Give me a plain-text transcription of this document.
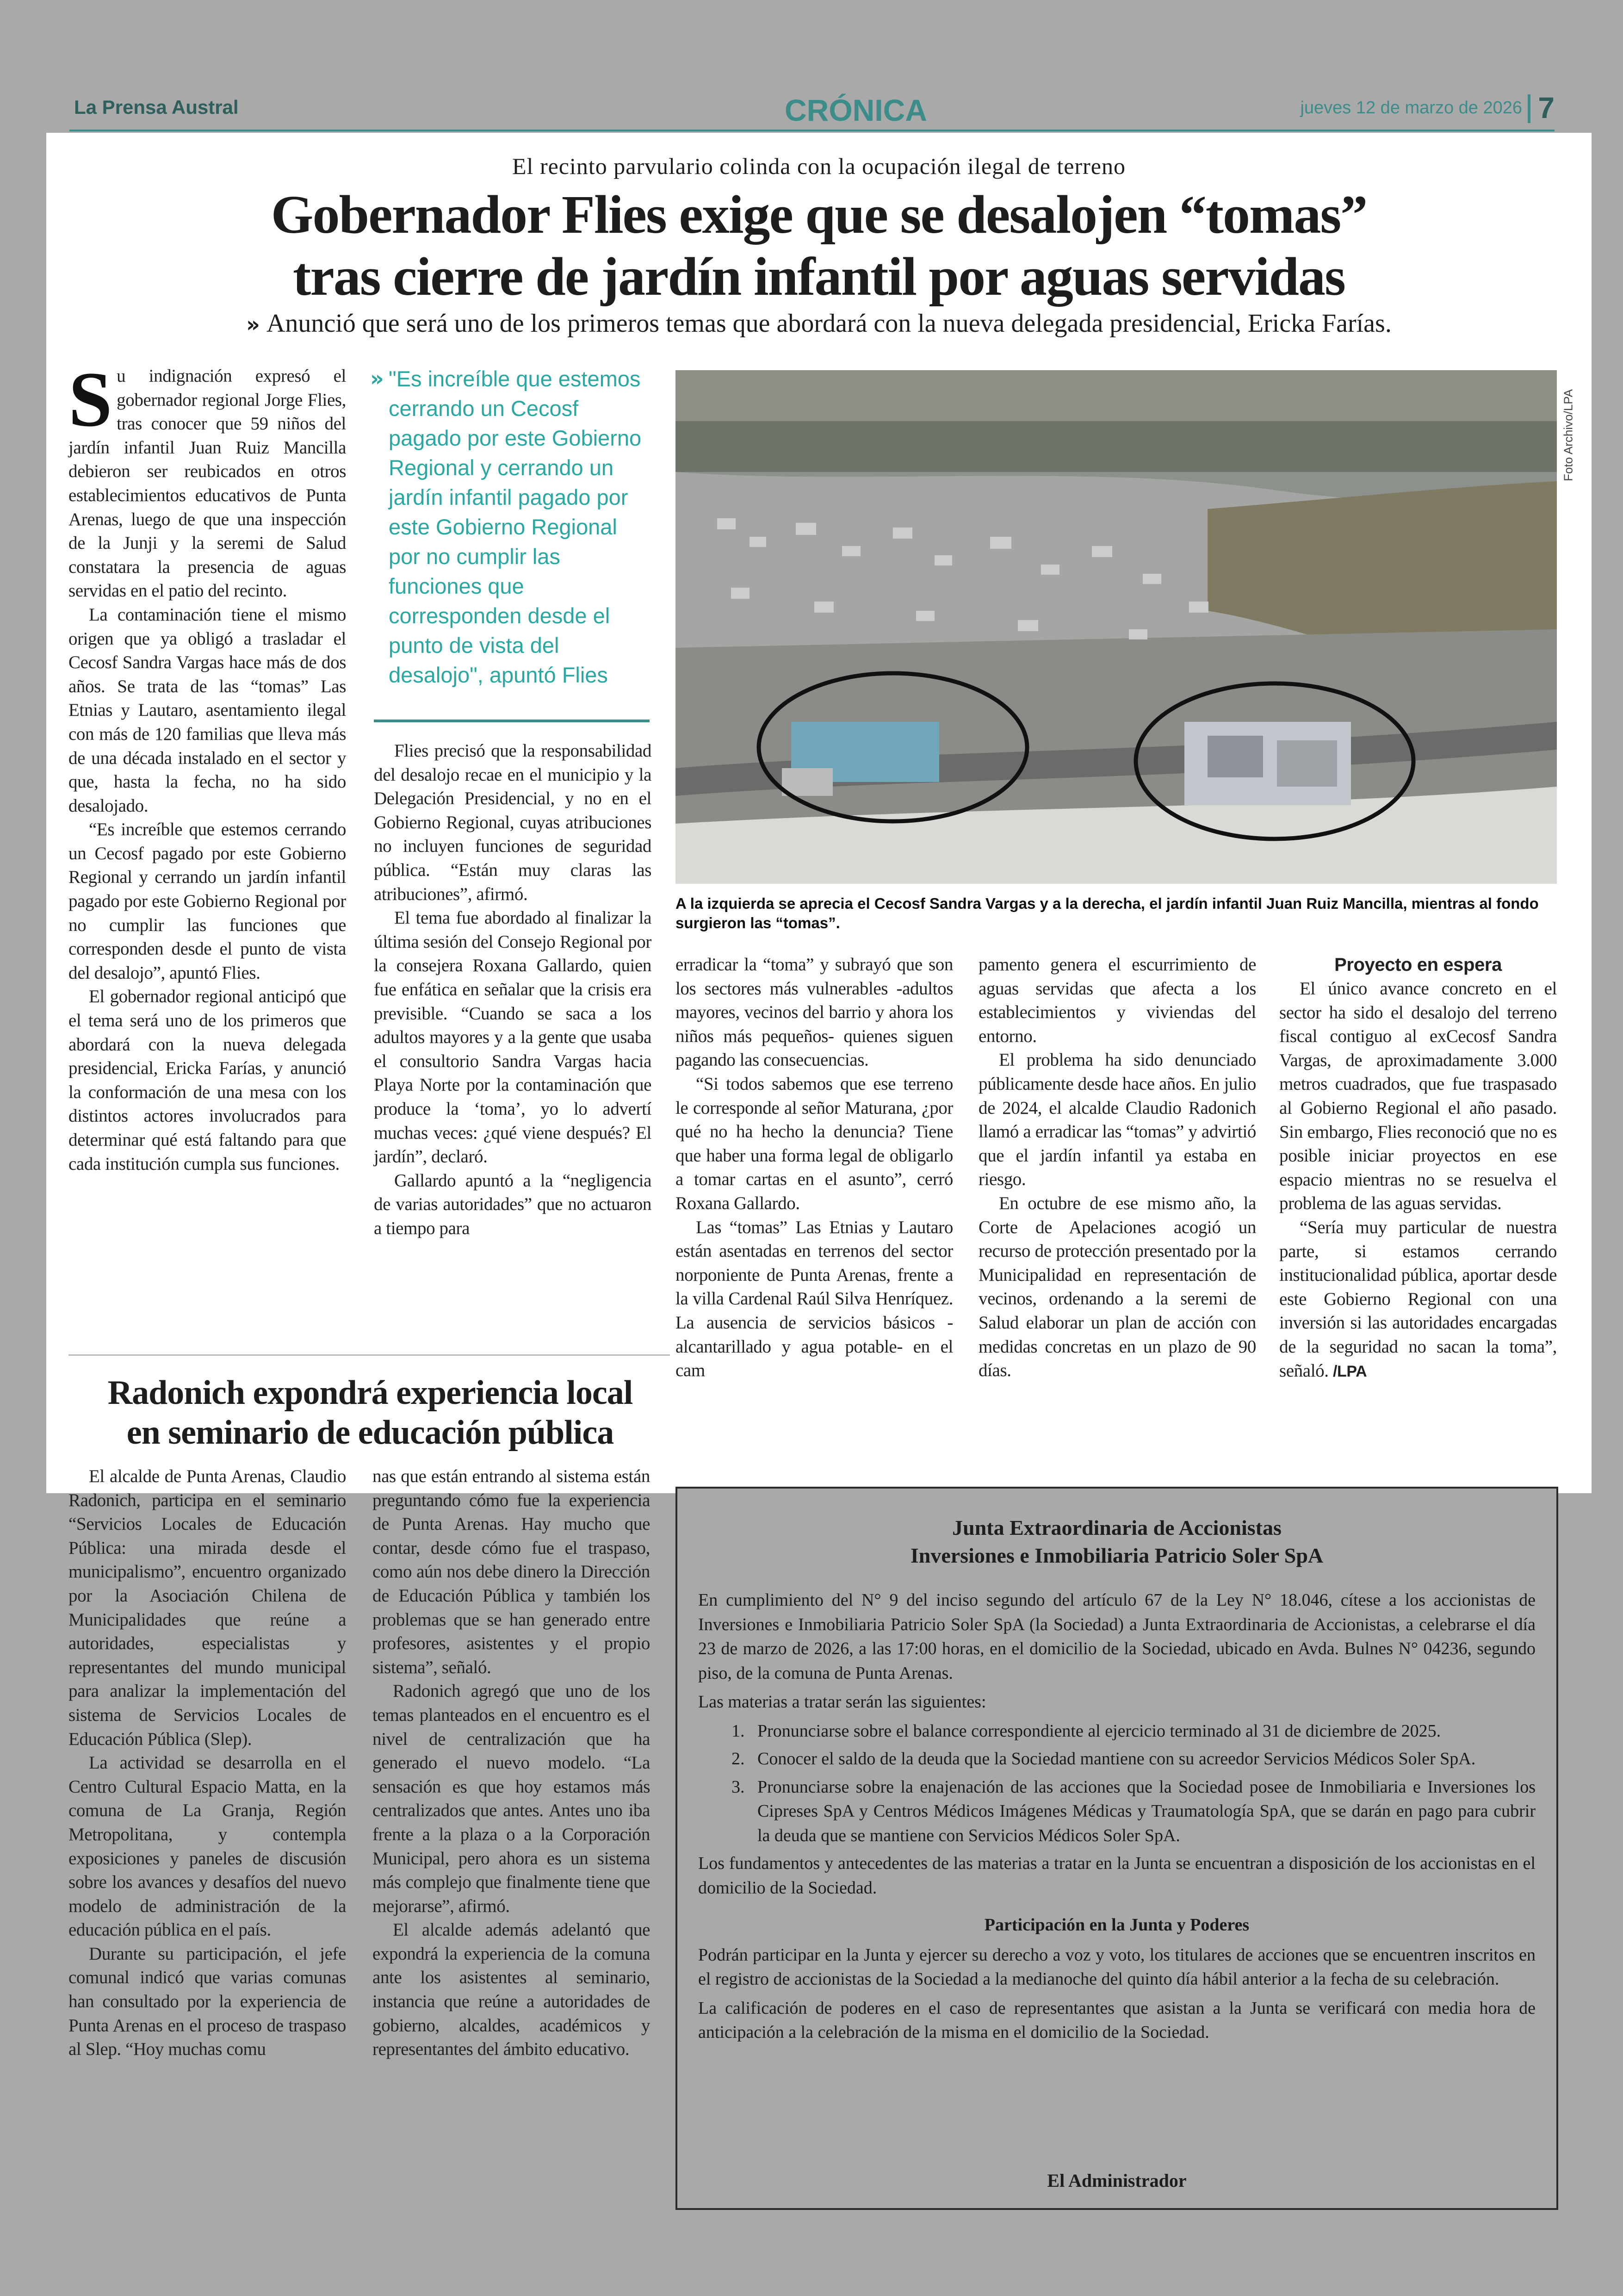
La Prensa Austral	CRÓNICA	jueves 12 de marzo de 2026 7
El recinto parvulario colinda con la ocupación ilegal de terreno
Gobernador Flies exige que se desalojen “tomas”
tras cierre de jardín infantil por aguas servidas
» Anunció que será uno de los primeros temas que abordará con la nueva delegada presidencial, Ericka Farías.

Su indignación expresó el gobernador regional Jorge Flies, tras conocer que 59 niños del jardín infantil Juan Ruiz Mancilla debieron ser reubicados en otros establecimientos educativos de Punta Arenas, luego de que una inspección de la Junji y la seremi de Salud constatara la presencia de aguas servidas en el patio del recinto.

La contaminación tiene el mismo origen que ya obligó a trasladar el Cecosf Sandra Vargas hace más de dos años. Se trata de las “tomas” Las Etnias y Lautaro, asentamiento ilegal con más de 120 familias que lleva más de una década instalado en el sector y que, hasta la fecha, no ha sido desalojado.

“Es increíble que estemos cerrando un Cecosf pagado por este Gobierno Regional y cerrando un jardín infantil pagado por este Gobierno Regional por no cumplir las funciones que corresponden desde el punto de vista del desalojo”, apuntó Flies.

El gobernador regional anticipó que el tema será uno de los primeros que abordará con la nueva delegada presidencial, Ericka Farías, y anunció la conformación de una mesa con los distintos actores involucrados para determinar qué está faltando para que cada institución cumpla sus funciones.

» "Es increíble que estemos cerrando un Cecosf pagado por este Gobierno Regional y cerrando un jardín infantil pagado por este Gobierno Regional por no cumplir las funciones que corresponden desde el punto de vista del desalojo", apuntó Flies

Flies precisó que la responsabilidad del desalojo recae en el municipio y la Delegación Presidencial, y no en el Gobierno Regional, cuyas atribuciones no incluyen funciones de seguridad pública. “Están muy claras las atribuciones”, afirmó.

El tema fue abordado al finalizar la última sesión del Consejo Regional por la consejera Roxana Gallardo, quien fue enfática en señalar que la crisis era previsible. “Cuando se saca a los adultos mayores y a la gente que usaba el consultorio Sandra Vargas hacia Playa Norte por la contaminación que produce la ‘toma’, yo lo advertí muchas veces: ¿qué viene después? El jardín”, declaró.

Gallardo apuntó a la “negligencia de varias autoridades” que no actuaron a tiempo para

Foto Archivo/LPA
A la izquierda se aprecia el Cecosf Sandra Vargas y a la derecha, el jardín infantil Juan Ruiz Mancilla, mientras al fondo surgieron las “tomas”.

erradicar la “toma” y subrayó que son los sectores más vulnerables -adultos mayores, vecinos del barrio y ahora los niños más pequeños- quienes siguen pagando las consecuencias.

“Si todos sabemos que ese terreno le corresponde al señor Maturana, ¿por qué no ha hecho la denuncia? Tiene que haber una forma legal de obligarlo a tomar cartas en el asunto”, cerró Roxana Gallardo.

Las “tomas” Las Etnias y Lautaro están asentadas en terrenos del sector norponiente de Punta Arenas, frente a la villa Cardenal Raúl Silva Henríquez. La ausencia de servicios básicos -alcantarillado y agua potable- en el cam

pamento genera el escurrimiento de aguas servidas que afecta a los establecimientos y viviendas del entorno.

El problema ha sido denunciado públicamente desde hace años. En julio de 2024, el alcalde Claudio Radonich llamó a erradicar las “tomas” y advirtió que el jardín infantil ya estaba en riesgo.

En octubre de ese mismo año, la Corte de Apelaciones acogió un recurso de protección presentado por la Municipalidad en representación de vecinos, ordenando a la seremi de Salud elaborar un plan de acción con medidas concretas en un plazo de 90 días.

Proyecto en espera

El único avance concreto en el sector ha sido el desalojo del terreno fiscal contiguo al exCecosf Sandra Vargas, de aproximadamente 3.000 metros cuadrados, que fue traspasado al Gobierno Regional el año pasado. Sin embargo, Flies reconoció que no es posible iniciar proyectos en ese espacio mientras no se resuelva el problema de las aguas servidas.

“Sería muy particular de nuestra parte, si estamos cerrando institucionalidad pública, aportar desde este Gobierno Regional con una inversión si las autoridades encargadas de la seguridad no sacan la toma”, señaló. /LPA

Radonich expondrá experiencia local
en seminario de educación pública

El alcalde de Punta Arenas, Claudio Radonich, participa en el seminario “Servicios Locales de Educación Pública: una mirada desde el municipalismo”, encuentro organizado por la Asociación Chilena de Municipalidades que reúne a autoridades, especialistas y representantes del mundo municipal para analizar la implementación del sistema de Servicios Locales de Educación Pública (Slep).

La actividad se desarrolla en el Centro Cultural Espacio Matta, en la comuna de La Granja, Región Metropolitana, y contempla exposiciones y paneles de discusión sobre los avances y desafíos del nuevo modelo de administración de la educación pública en el país.

Durante su participación, el jefe comunal indicó que varias comunas han consultado por la experiencia de Punta Arenas en el proceso de traspaso al Slep. “Hoy muchas comu

nas que están entrando al sistema están preguntando cómo fue la experiencia de Punta Arenas. Hay mucho que contar, desde cómo fue el traspaso, como aún nos debe dinero la Dirección de Educación Pública y también los problemas que se han generado entre profesores, asistentes y el propio sistema”, señaló.

Radonich agregó que uno de los temas planteados en el encuentro es el nivel de centralización que ha generado el nuevo modelo. “La sensación es que hoy estamos más centralizados que antes. Antes uno iba frente a la plaza o a la Corporación Municipal, pero ahora es un sistema más complejo que finalmente tiene que mejorarse”, afirmó.

El alcalde además adelantó que expondrá la experiencia de la comuna ante los asistentes al seminario, instancia que reúne a autoridades de gobierno, alcaldes, académicos y representantes del ámbito educativo.

Junta Extraordinaria de Accionistas
Inversiones e Inmobiliaria Patricio Soler SpA

En cumplimiento del N° 9 del inciso segundo del artículo 67 de la Ley N° 18.046, cítese a los accionistas de Inversiones e Inmobiliaria Patricio Soler SpA (la Sociedad) a Junta Extraordinaria de Accionistas, a celebrarse el día 23 de marzo de 2026, a las 17:00 horas, en el domicilio de la Sociedad, ubicado en Avda. Bulnes N° 04236, segundo piso, de la comuna de Punta Arenas.

Las materias a tratar serán las siguientes:

1. Pronunciarse sobre el balance correspondiente al ejercicio terminado al 31 de diciembre de 2025.
2. Conocer el saldo de la deuda que la Sociedad mantiene con su acreedor Servicios Médicos Soler SpA.
3. Pronunciarse sobre la enajenación de las acciones que la Sociedad posee de Inmobiliaria e Inversiones los Cipreses SpA y Centros Médicos Imágenes Médicas y Traumatología SpA, que se darán en pago para cubrir la deuda que se mantiene con Servicios Médicos Soler SpA.

Los fundamentos y antecedentes de las materias a tratar en la Junta se encuentran a disposición de los accionistas en el domicilio de la Sociedad.

Participación en la Junta y Poderes

Podrán participar en la Junta y ejercer su derecho a voz y voto, los titulares de acciones que se encuentren inscritos en el registro de accionistas de la Sociedad a la medianoche del quinto día hábil anterior a la fecha de su celebración.

La calificación de poderes en el caso de representantes que asistan a la Junta se verificará con media hora de anticipación a la celebración de la misma en el domicilio de la Sociedad.

El Administrador
